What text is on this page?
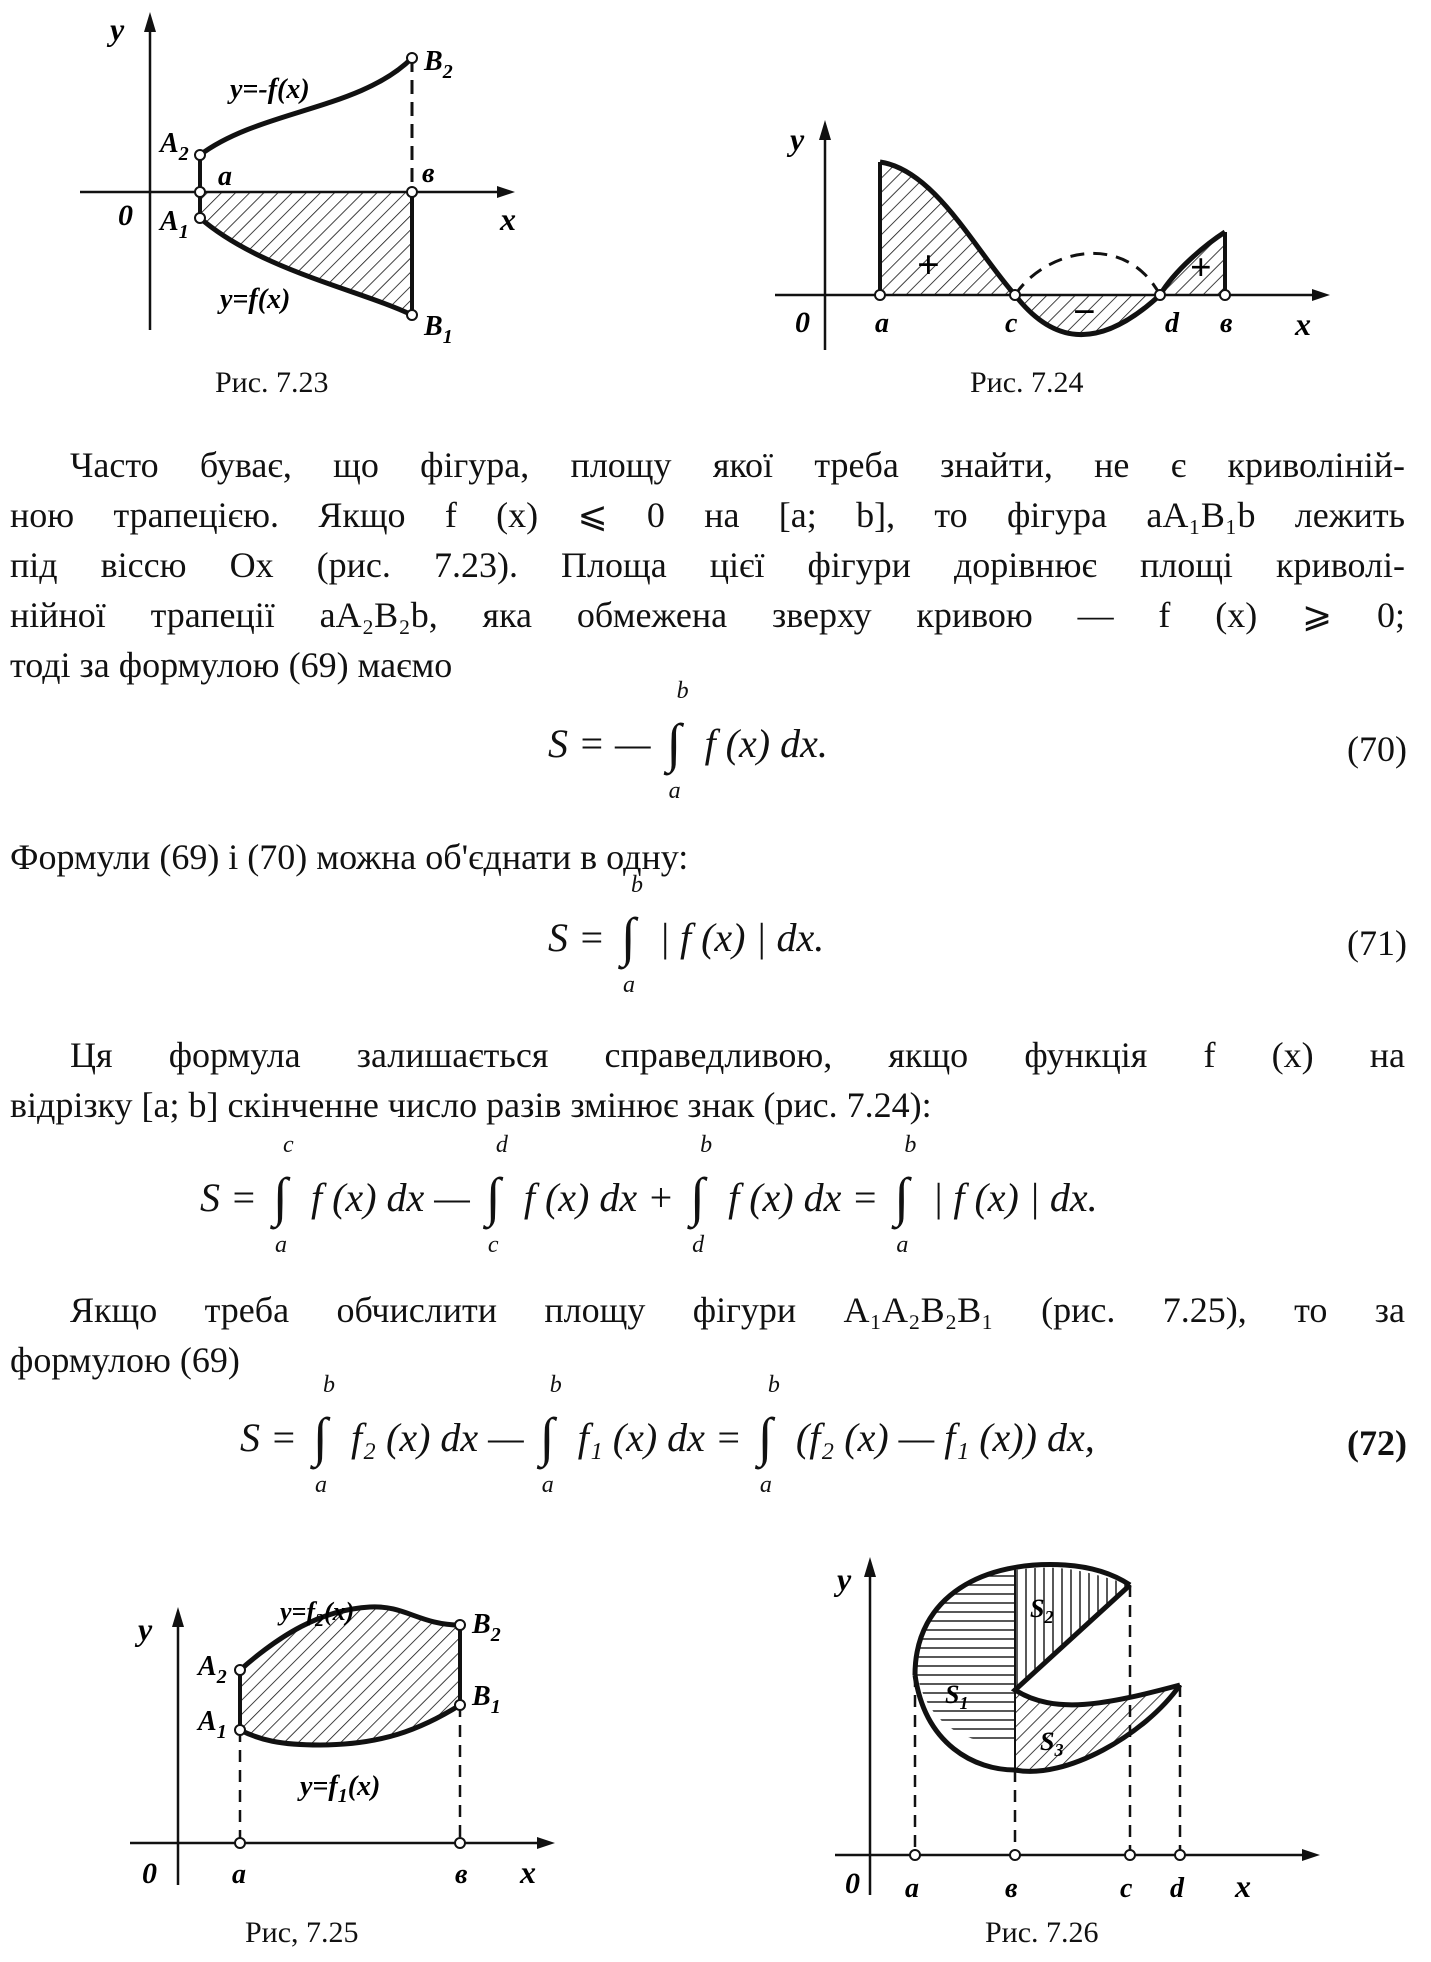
y
x
0
a	в
$A_2$
$A_1$
$B_2$
$B_1$
y=-f(x)
y=f(x)
Рис. 7.23
y
x
0 a	c	d в
+
−
+
Рис. 7.24
Часто буває, що фігура, площу якої треба знайти, не є криволіній-
ною трапецією. Якщо f (x) ⩽ 0 на [a; b], то фігура aA₁B₁b лежить
під віссю Ox (рис. 7.23). Площа цієї фігури дорівнює площі криволі-
нійної трапеції aA₂B₂b, яка обмежена зверху кривою — f (x) ⩾ 0;
тоді за формулою (69) маємо
S = — ∫
b
a
f (x) dx.	(70)
Формули (69) і (70) можна об'єднати в одну:
S = ∫
b
a
| f (x) | dx.	(71)
Ця формула залишається справедливою, якщо функція f (x) на
відрізку [a; b] скінченне число разів змінює знак (рис. 7.24):
S = ∫
c
a
f (x) dx — ∫
d
c
f (x) dx + ∫
b
d
f (x) dx = ∫
b
a
| f (x) | dx.
Якщо треба обчислити площу фігури A₁A₂B₂B₁ (рис. 7.25), то за
формулою (69)
S = ∫
b
a
f₂ (x) dx — ∫
b
a
f₁ (x) dx = ∫
b
a
(f₂ (x) — f₁ (x)) dx,	(72)
y
x
0	a	в
$A_2$
$A_1$
$B_2$
$B_1$
$y=f_2(x)$
$y=f_1(x)$
Рис, 7.25
y
x
0 a	в	c d
$S_1$
$S_2$
$S_3$
Рис. 7.26
